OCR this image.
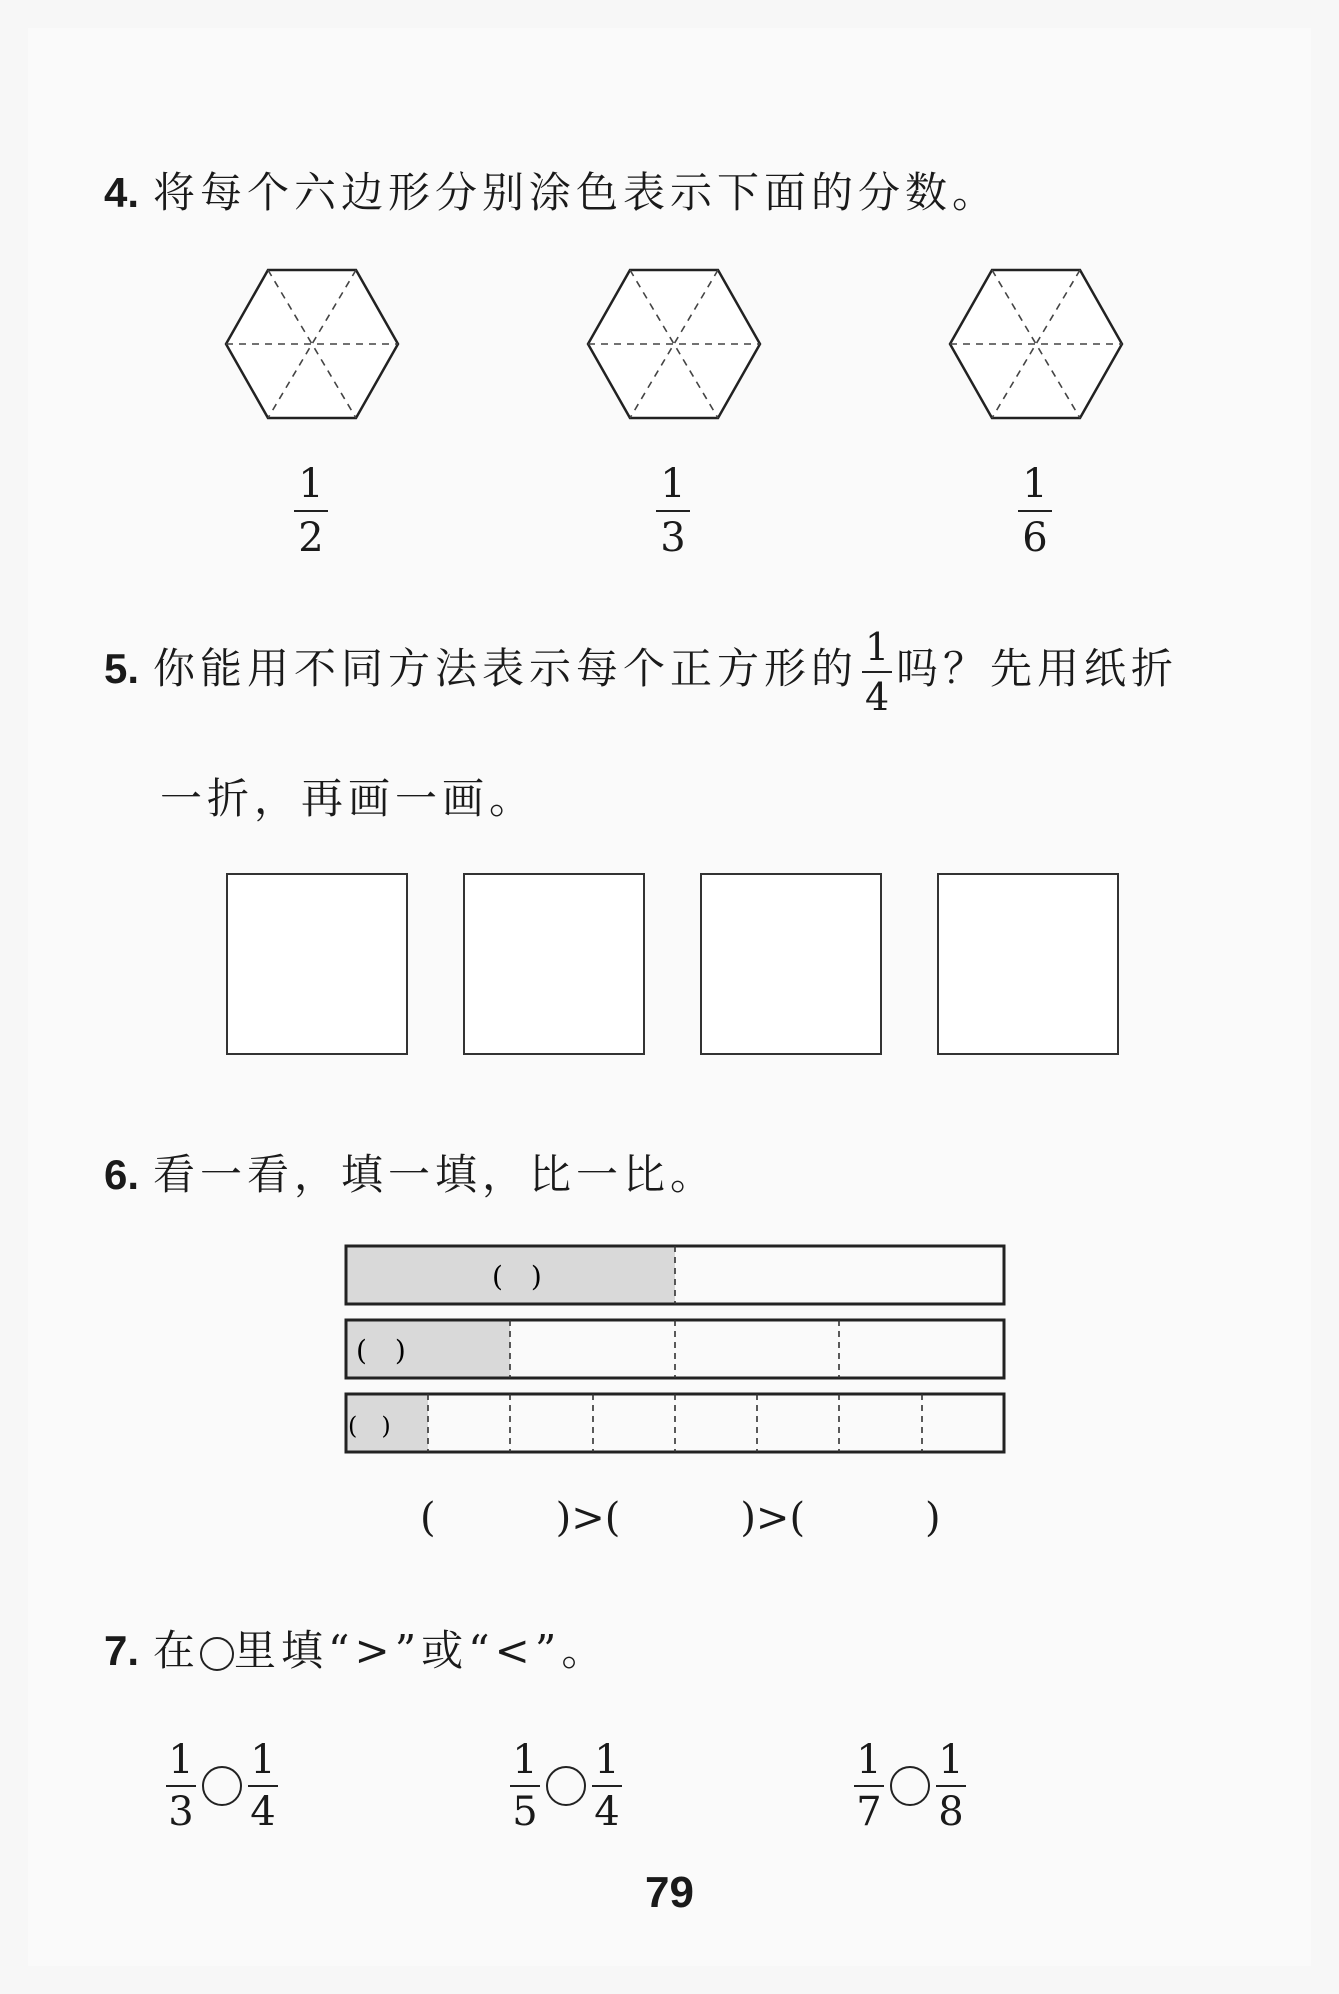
4. 将每个六边形分别涂色表示下面的分数。
1
2
1
3
1
6
5. 你能用不同方法表示每个正方形的 $\frac{1}{4}$ 吗？先用纸折
一折，再画一画。
6. 看一看，填一填，比一比。
(　)
(　)
(　)
(　　　)>(　　　)>(　　　)
7. 在 里填“>”或“<”。
$\frac{1}{3} \frac{1}{4}$	$\frac{1}{5} \frac{1}{4}$	$\frac{1}{7} \frac{1}{8}$
79
